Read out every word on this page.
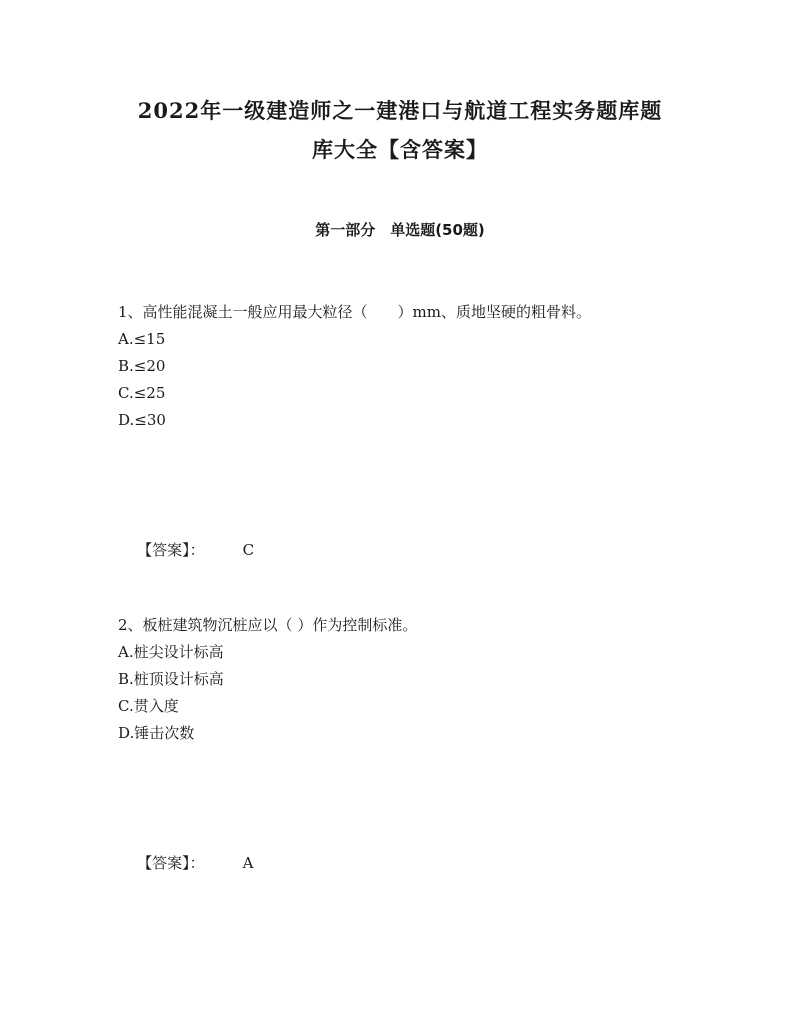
2022年一级建造师之一建港口与航道工程实务题库题
库大全【含答案】
第一部分　单选题(50题)
1、高性能混凝土一般应用最大粒径（　　）mm、质地坚硬的粗骨料。
A.≤15
B.≤20
C.≤25
D.≤30

【答案】：	C

2、板桩建筑物沉桩应以（ ）作为控制标准。
A.桩尖设计标高
B.桩顶设计标高
C.贯入度
D.锤击次数

【答案】：	A
